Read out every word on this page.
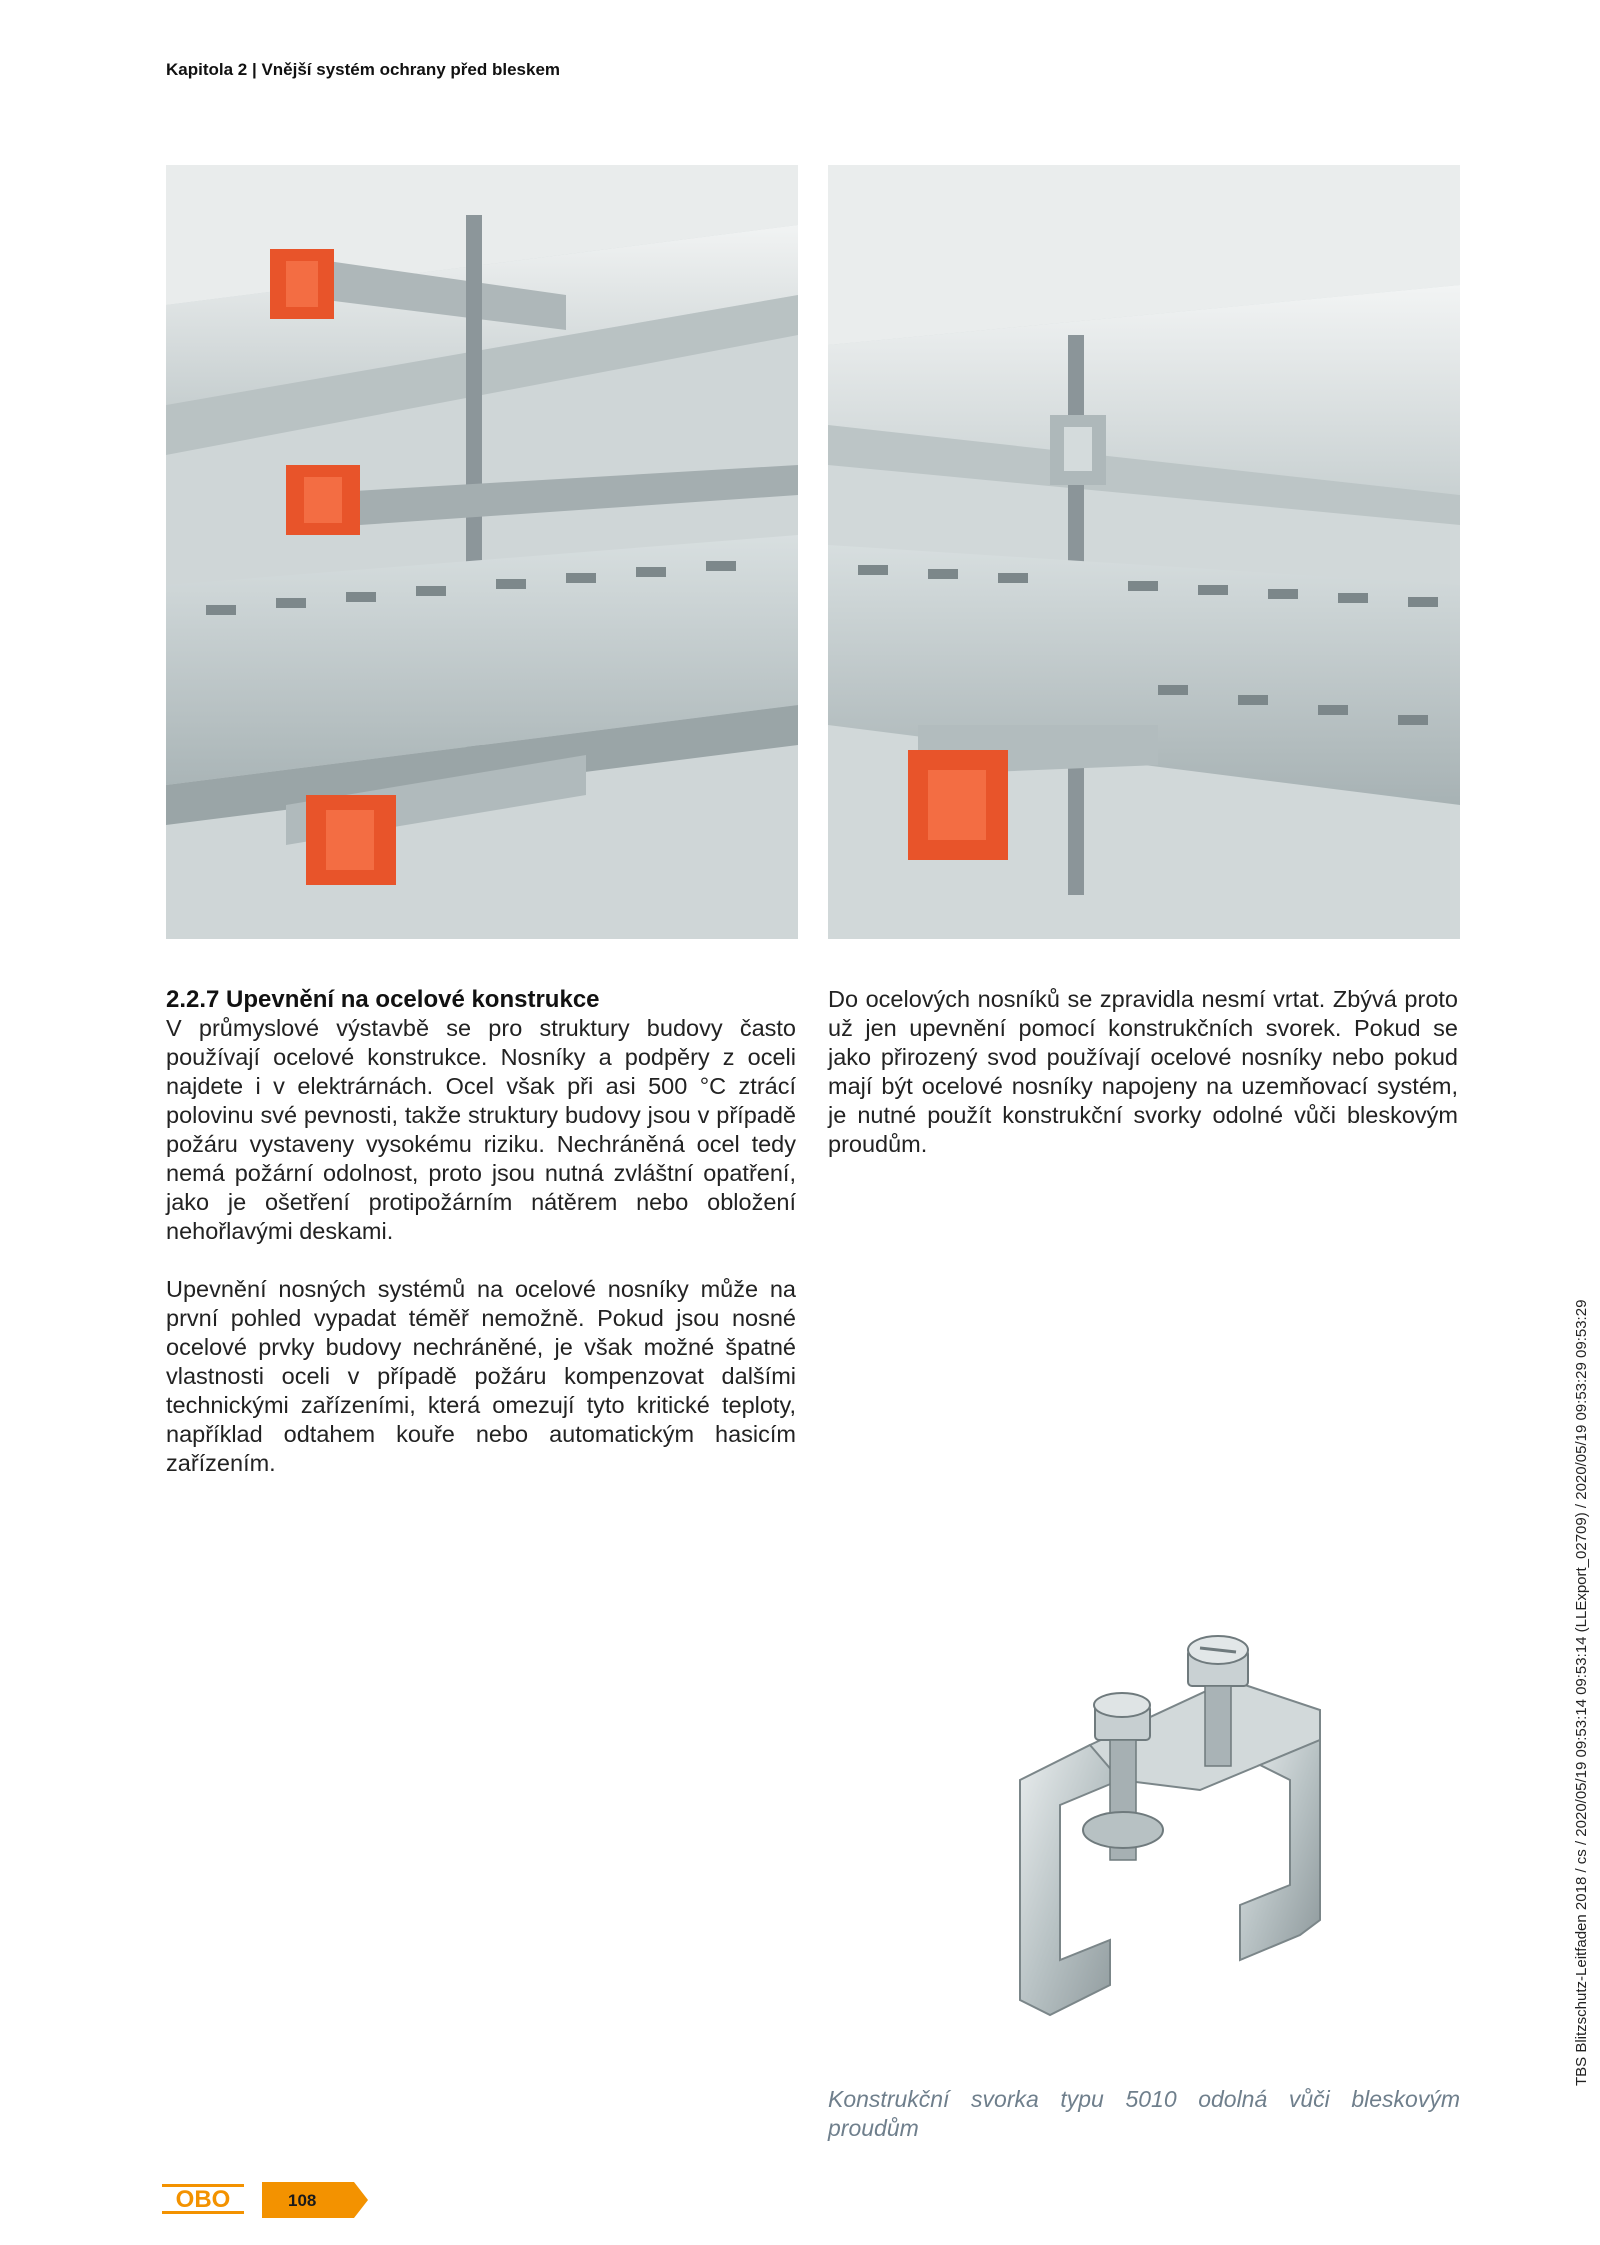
Kapitola 2 | Vnější systém ochrany před bleskem

2.2.7 Upevnění na ocelové konstrukce
V průmyslové výstavbě se pro struktury budovy často používají ocelové konstrukce. Nosníky a podpěry z oceli najdete i v elektrárnách. Ocel však při asi 500 °C ztrácí polovinu své pevnosti, takže struktury budovy jsou v případě požáru vystaveny vysokému riziku. Nechráněná ocel tedy nemá požární odolnost, proto jsou nutná zvláštní opatření, jako je ošetření protipožárním nátěrem nebo obložení nehořlavými deskami.

Upevnění nosných systémů na ocelové nosníky může na první pohled vypadat téměř nemožně. Pokud jsou nosné ocelové prvky budovy nechráněné, je však možné špatné vlastnosti oceli v případě požáru kompenzovat dalšími technickými zařízeními, která omezují tyto kritické teploty, například odtahem kouře nebo automatickým hasicím zařízením.

Do ocelových nosníků se zpravidla nesmí vrtat. Zbývá proto už jen upevnění pomocí konstrukčních svorek. Pokud se jako přirozený svod používají ocelové nosníky nebo pokud mají být ocelové nosníky napojeny na uzemňovací systém, je nutné použít konstrukční svorky odolné vůči bleskovým proudům.

Konstrukční svorka typu 5010 odolná vůči bleskovým proudům
TBS Blitzschutz-Leitfaden 2018 / cs / 2020/05/19 09:53:14 09:53:14 (LLExport_02709) / 2020/05/19 09:53:29 09:53:29
OBO	108
